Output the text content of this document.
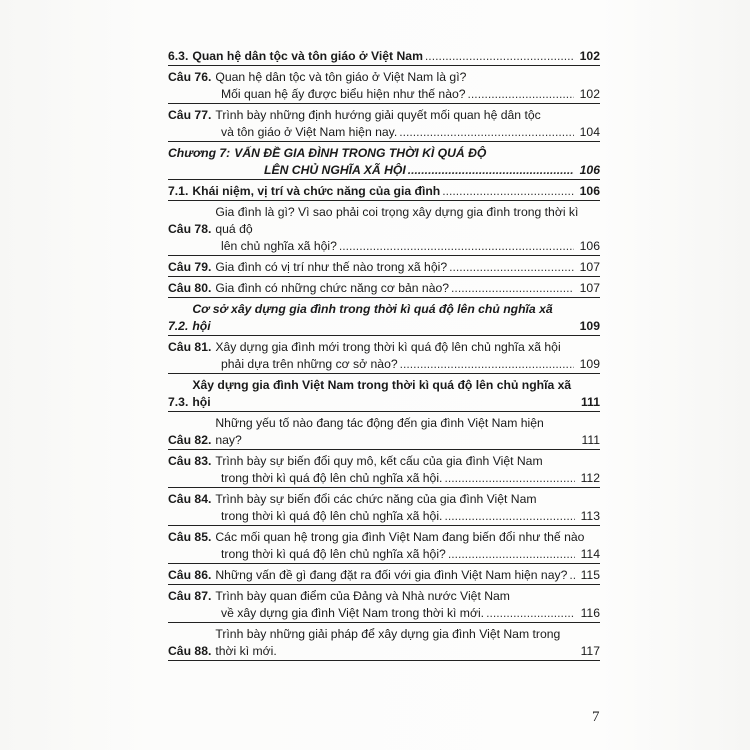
6.3. Quan hệ dân tộc và tôn giáo ở Việt Nam .....	102
Câu 76. Quan hệ dân tộc và tôn giáo ở Việt Nam là gì?
Mối quan hệ ấy được biểu hiện như thế nào? .....	102
Câu 77. Trình bày những định hướng giải quyết mối quan hệ dân tộc
và tôn giáo ở Việt Nam hiện nay. .....	104
Chương 7: VẤN ĐỀ GIA ĐÌNH TRONG THỜI KÌ QUÁ ĐỘ
LÊN CHỦ NGHĨA XÃ HỘI .....	106
7.1. Khái niệm, vị trí và chức năng của gia đình .....	106
Câu 78.
Gia đình là gì? Vì sao phải coi trọng xây dựng gia đình trong thời kì quá độ
lên chủ nghĩa xã hội? .....	106
Câu 79. Gia đình có vị trí như thế nào trong xã hội? .....	107
Câu 80. Gia đình có những chức năng cơ bản nào? .....	107
7.2.
Cơ sở xây dựng gia đình trong thời kì quá độ lên chủ nghĩa xã hội	109
Câu 81. Xây dựng gia đình mới trong thời kì quá độ lên chủ nghĩa xã hội
phải dựa trên những cơ sở nào? .....	109
7.3.
Xây dựng gia đình Việt Nam trong thời kì quá độ lên chủ nghĩa xã hội	111
Câu 82.
Những yếu tố nào đang tác động đến gia đình Việt Nam hiện nay?	111
Câu 83. Trình bày sự biến đổi quy mô, kết cấu của gia đình Việt Nam
trong thời kì quá độ lên chủ nghĩa xã hội. .....	112
Câu 84. Trình bày sự biến đổi các chức năng của gia đình Việt Nam
trong thời kì quá độ lên chủ nghĩa xã hội. .....	113
Câu 85. Các mối quan hệ trong gia đình Việt Nam đang biến đổi như thế nào
trong thời kì quá độ lên chủ nghĩa xã hội? .....	114
Câu 86. Những vấn đề gì đang đặt ra đối với gia đình Việt Nam hiện nay? .....	115
Câu 87. Trình bày quan điểm của Đảng và Nhà nước Việt Nam
về xây dựng gia đình Việt Nam trong thời kì mới. .....	116
Câu 88.
Trình bày những giải pháp để xây dựng gia đình Việt Nam trong thời kì mới.	117
7
